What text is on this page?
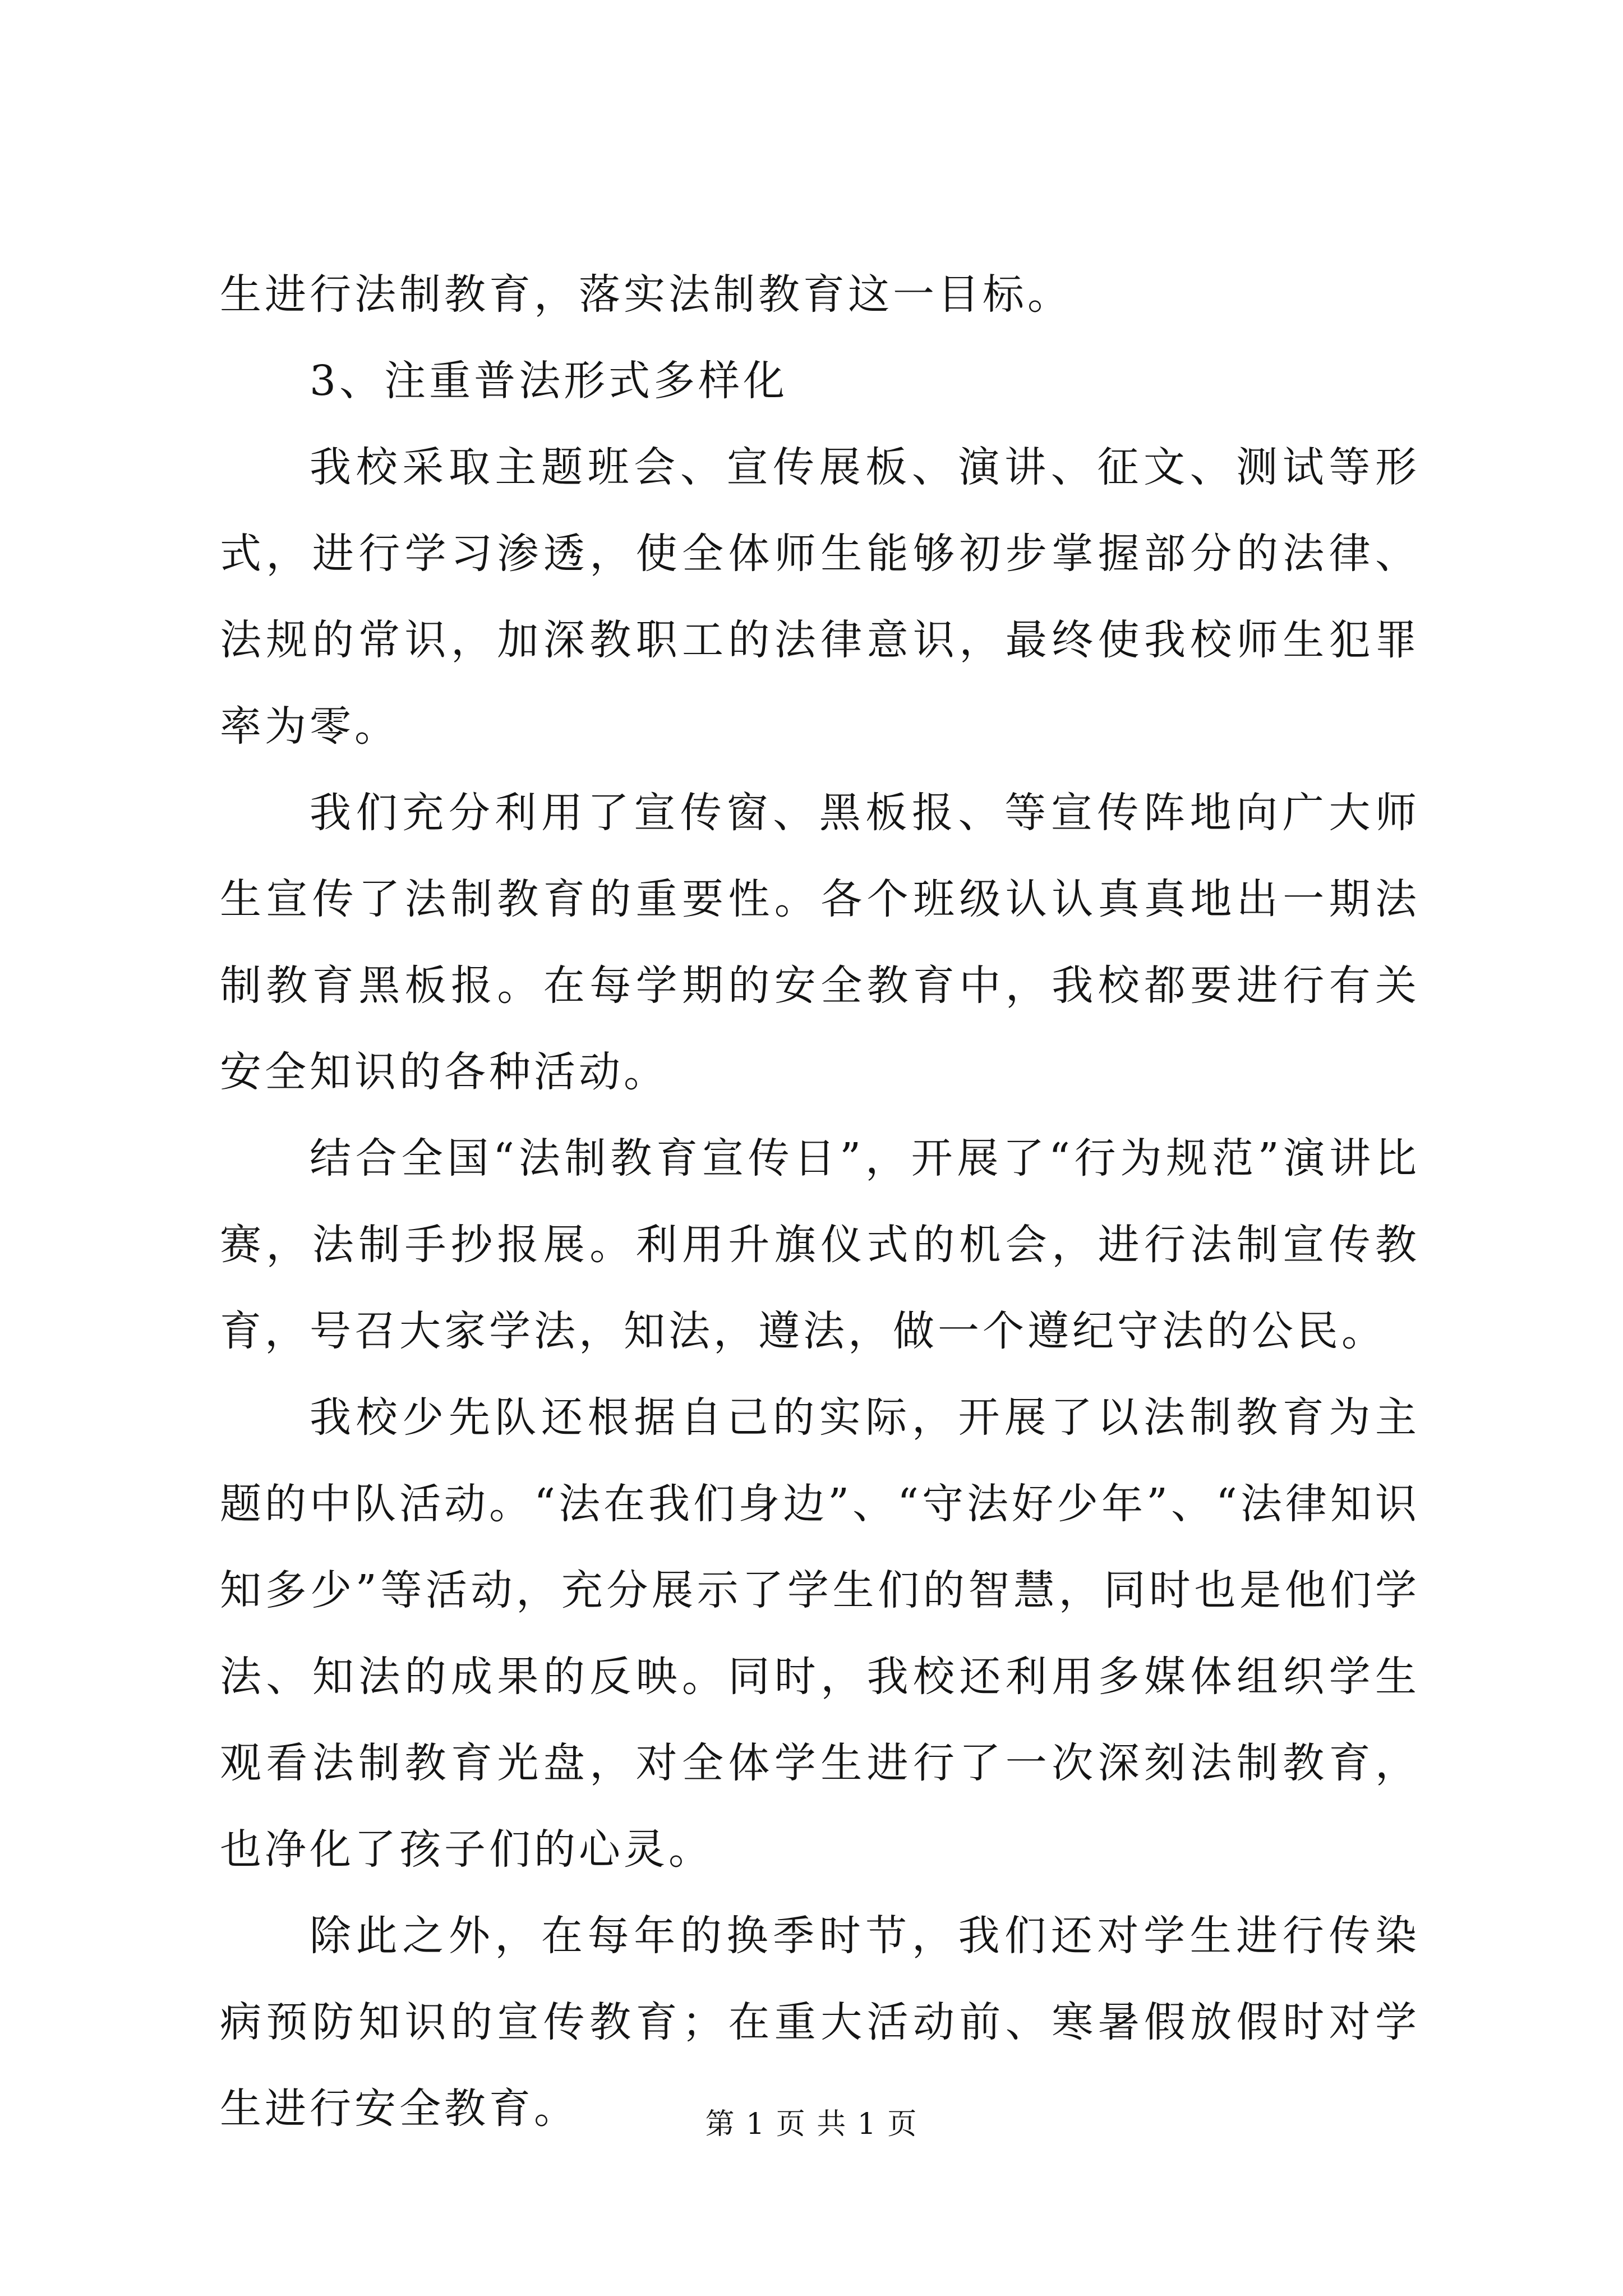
生进行法制教育，落实法制教育这一目标。

3、注重普法形式多样化

我校采取主题班会、宣传展板、演讲、征文、测试等形式，进行学习渗透，使全体师生能够初步掌握部分的法律、法规的常识，加深教职工的法律意识，最终使我校师生犯罪率为零。

我们充分利用了宣传窗、黑板报、等宣传阵地向广大师生宣传了法制教育的重要性。各个班级认认真真地出一期法制教育黑板报。在每学期的安全教育中，我校都要进行有关安全知识的各种活动。

结合全国“法制教育宣传日”，开展了“行为规范”演讲比赛，法制手抄报展。利用升旗仪式的机会，进行法制宣传教育，号召大家学法，知法，遵法，做一个遵纪守法的公民。

我校少先队还根据自己的实际，开展了以法制教育为主题的中队活动。“法在我们身边”、“守法好少年”、“法律知识知多少”等活动，充分展示了学生们的智慧，同时也是他们学法、知法的成果的反映。同时，我校还利用多媒体组织学生观看法制教育光盘，对全体学生进行了一次深刻法制教育，也净化了孩子们的心灵。

除此之外，在每年的换季时节，我们还对学生进行传染病预防知识的宣传教育；在重大活动前、寒暑假放假时对学生进行安全教育。	第 1 页 共 1 页
